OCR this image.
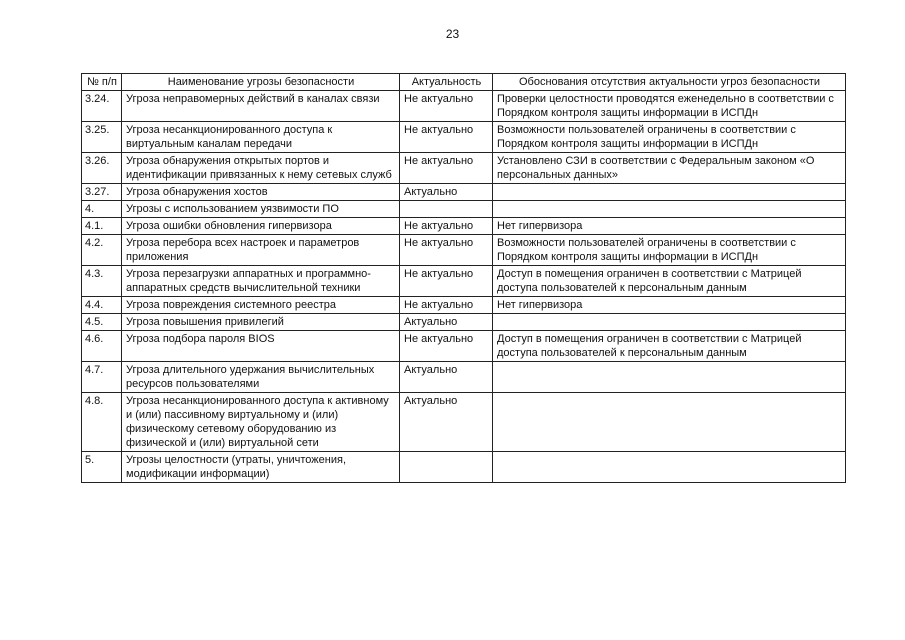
23
№ п/п	Наименование угрозы безопасности	Актуальность	Обоснования отсутствия актуальности угроз безопасности
3.24.	Угроза неправомерных действий в каналах связи	Не актуально	Проверки целостности проводятся еженедельно в соответствии с Порядком контроля защиты информации в ИСПДн
3.25.	Угроза несанкционированного доступа к виртуальным каналам передачи	Не актуально	Возможности пользователей ограничены в соответствии с Порядком контроля защиты информации в ИСПДн
3.26.	Угроза обнаружения открытых портов и идентификации привязанных к нему сетевых служб	Не актуально	Установлено СЗИ в соответствии с Федеральным законом «О персональных данных»
3.27.	Угроза обнаружения хостов	Актуально	
4.	Угрозы с использованием уязвимости ПО		
4.1.	Угроза ошибки обновления гипервизора	Не актуально	Нет гипервизора
4.2.	Угроза перебора всех настроек и параметров приложения	Не актуально	Возможности пользователей ограничены в соответствии с Порядком контроля защиты информации в ИСПДн
4.3.	Угроза перезагрузки аппаратных и программно-аппаратных средств вычислительной техники	Не актуально	Доступ в помещения ограничен в соответствии с Матрицей доступа пользователей к персональным данным
4.4.	Угроза повреждения системного реестра	Не актуально	Нет гипервизора
4.5.	Угроза повышения привилегий	Актуально	
4.6.	Угроза подбора пароля BIOS	Не актуально	Доступ в помещения ограничен в соответствии с Матрицей доступа пользователей к персональным данным
4.7.	Угроза длительного удержания вычислительных ресурсов пользователями	Актуально	
4.8.	Угроза несанкционированного доступа к активному и (или) пассивному виртуальному и (или) физическому сетевому оборудованию из физической и (или) виртуальной сети	Актуально	
5.	Угрозы целостности (утраты, уничтожения, модификации информации)		
